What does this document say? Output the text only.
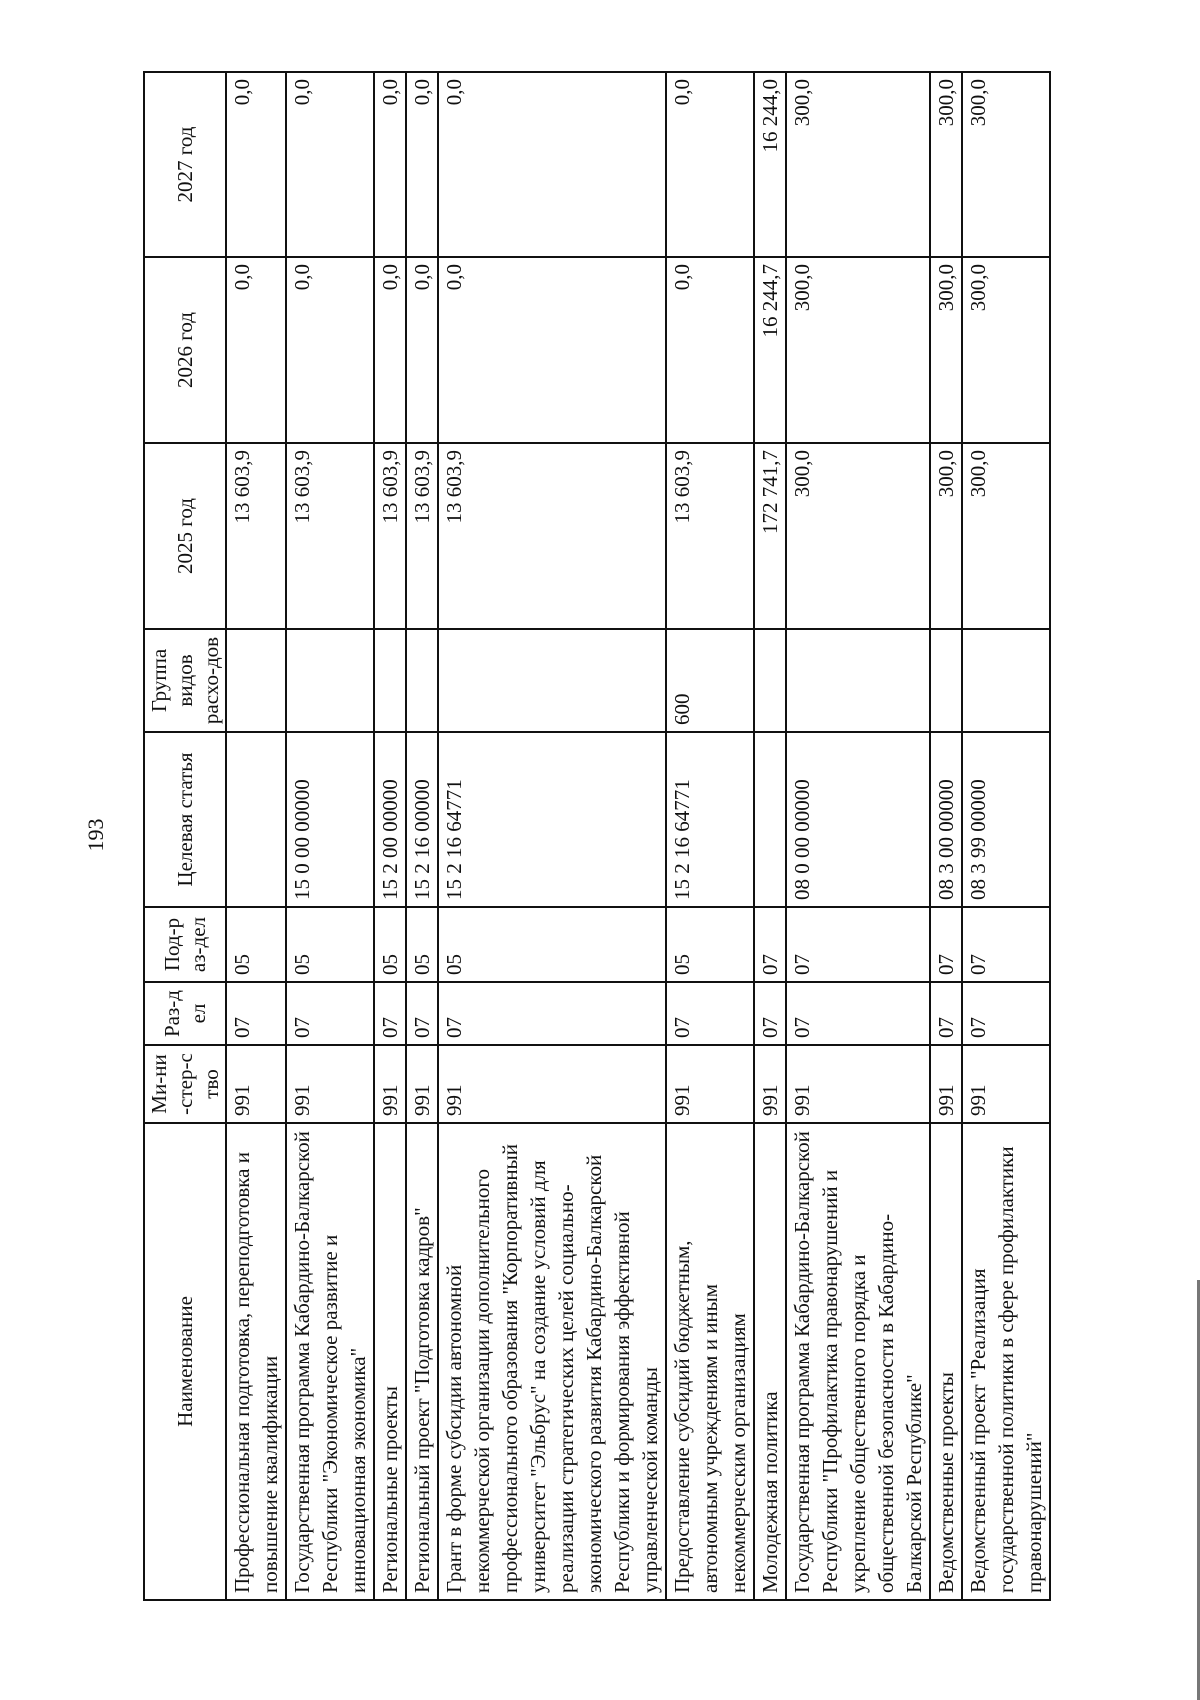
193
Наименование	Ми-ни-стер-ство	Раз-дел	Под-раз-дел	Целевая статья	Группа видов расхо-дов	2025 год	2026 год	2027 год
Профессиональная подготовка, переподготовка и повышение квалификации	991	07	05			13 603,9	0,0	0,0
Государственная программа Кабардино-Балкарской Республики "Экономическое развитие и инновационная экономика"	991	07	05	15 0 00 00000		13 603,9	0,0	0,0
Региональные проекты	991	07	05	15 2 00 00000		13 603,9	0,0	0,0
Региональный проект "Подготовка кадров"	991	07	05	15 2 16 00000		13 603,9	0,0	0,0
Грант в форме субсидии автономной некоммерческой организации дополнительного профессионального образования "Корпоративный университет "Эльбрус" на создание условий для реализации стратегических целей социально-экономического развития Кабардино-Балкарской Республики и формирования эффективной управленческой команды	991	07	05	15 2 16 64771		13 603,9	0,0	0,0
Предоставление субсидий бюджетным, автономным учреждениям и иным некоммерческим организациям	991	07	05	15 2 16 64771	600	13 603,9	0,0	0,0
Молодежная политика	991	07	07			172 741,7	16 244,7	16 244,0
Государственная программа Кабардино-Балкарской Республики "Профилактика правонарушений и укрепление общественного порядка и общественной безопасности в Кабардино-Балкарской Республике"	991	07	07	08 0 00 00000		300,0	300,0	300,0
Ведомственные проекты	991	07	07	08 3 00 00000		300,0	300,0	300,0
Ведомственный проект "Реализация государственной политики в сфере профилактики правонарушений"	991	07	07	08 3 99 00000		300,0	300,0	300,0
